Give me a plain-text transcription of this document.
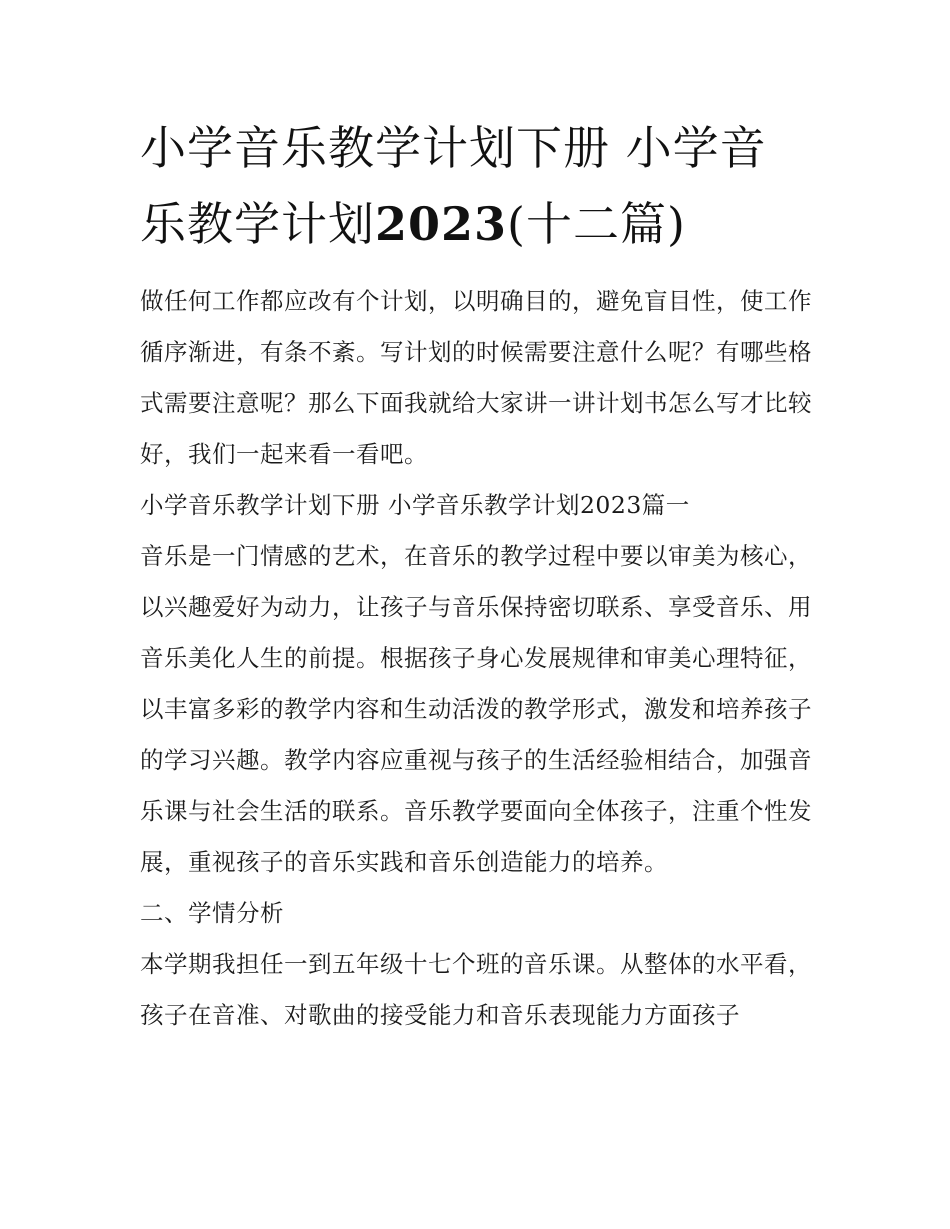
小学音乐教学计划下册 小学音乐教学计划2023(十二篇)

做任何工作都应改有个计划，以明确目的，避免盲目性，使工作循序渐进，有条不紊。写计划的时候需要注意什么呢？有哪些格式需要注意呢？那么下面我就给大家讲一讲计划书怎么写才比较好，我们一起来看一看吧。

小学音乐教学计划下册 小学音乐教学计划2023篇一

音乐是一门情感的艺术，在音乐的教学过程中要以审美为核心，以兴趣爱好为动力，让孩子与音乐保持密切联系、享受音乐、用音乐美化人生的前提。根据孩子身心发展规律和审美心理特征，以丰富多彩的教学内容和生动活泼的教学形式，激发和培养孩子的学习兴趣。教学内容应重视与孩子的生活经验相结合，加强音乐课与社会生活的联系。音乐教学要面向全体孩子，注重个性发展，重视孩子的音乐实践和音乐创造能力的培养。

二、学情分析

本学期我担任一到五年级十七个班的音乐课。从整体的水平看，孩子在音准、对歌曲的接受能力和音乐表现能力方面孩子
